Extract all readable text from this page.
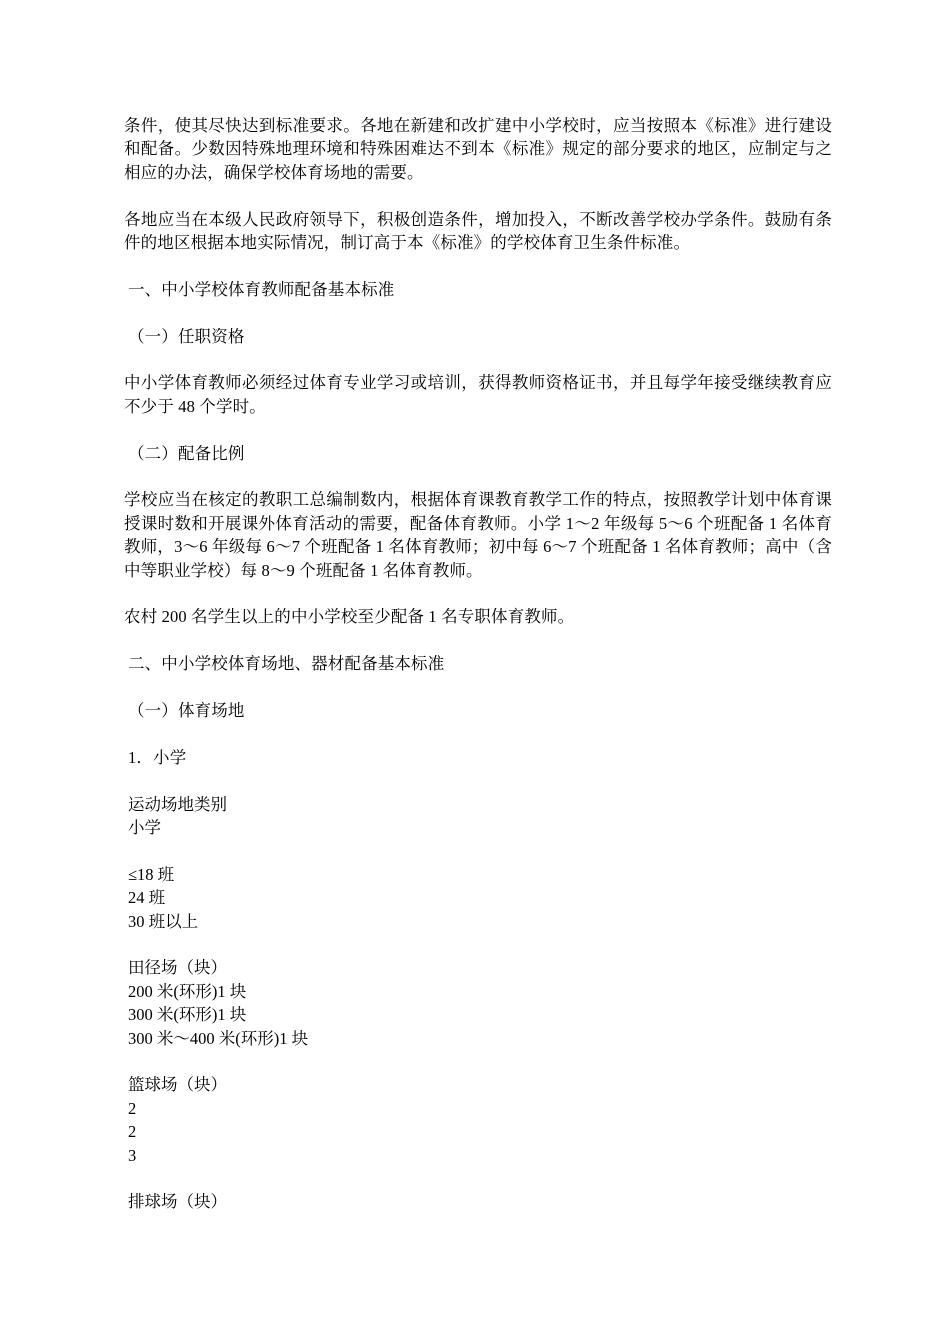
条件，使其尽快达到标准要求。各地在新建和改扩建中小学校时，应当按照本《标准》进行建设和配备。少数因特殊地理环境和特殊困难达不到本《标准》规定的部分要求的地区，应制定与之相应的办法，确保学校体育场地的需要。

各地应当在本级人民政府领导下，积极创造条件，增加投入，不断改善学校办学条件。鼓励有条件的地区根据本地实际情况，制订高于本《标准》的学校体育卫生条件标准。

一、中小学校体育教师配备基本标准

（一）任职资格

中小学体育教师必须经过体育专业学习或培训，获得教师资格证书，并且每学年接受继续教育应不少于 48 个学时。

（二）配备比例

学校应当在核定的教职工总编制数内，根据体育课教育教学工作的特点，按照教学计划中体育课授课时数和开展课外体育活动的需要，配备体育教师。小学 1～2 年级每 5～6 个班配备 1 名体育教师，3～6 年级每 6～7 个班配备 1 名体育教师；初中每 6～7 个班配备 1 名体育教师；高中（含中等职业学校）每 8～9 个班配备 1 名体育教师。

农村 200 名学生以上的中小学校至少配备 1 名专职体育教师。

二、中小学校体育场地、器材配备基本标准

（一）体育场地

1．小学

运动场地类别
小学
≤18 班
24 班
30 班以上
田径场（块）
200 米(环形)1 块
300 米(环形)1 块
300 米～400 米(环形)1 块
篮球场（块）
2
2
3
排球场（块）
